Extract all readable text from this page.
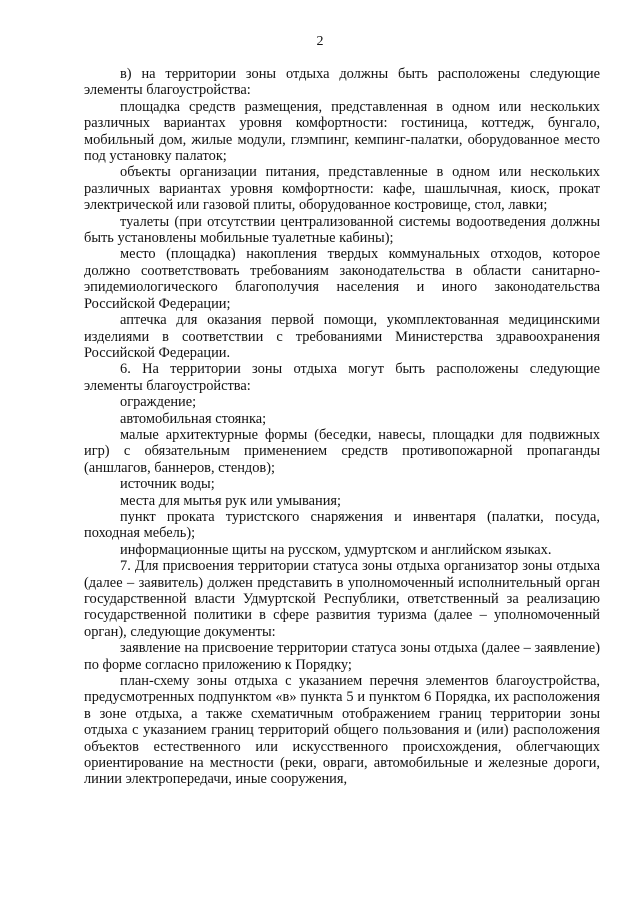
2

в) на территории зоны отдыха должны быть расположены следующие элементы благоустройства:

площадка средств размещения, представленная в одном или нескольких различных вариантах уровня комфортности: гостиница, коттедж, бунгало, мобильный дом, жилые модули, глэмпинг, кемпинг-палатки, оборудованное место под установку палаток;

объекты организации питания, представленные в одном или нескольких различных вариантах уровня комфортности: кафе, шашлычная, киоск, прокат электрической или газовой плиты, оборудованное костровище, стол, лавки;

туалеты (при отсутствии централизованной системы водоотведения должны быть установлены мобильные туалетные кабины);

место (площадка) накопления твердых коммунальных отходов, которое должно соответствовать требованиям законодательства в области санитарно-эпидемиологического благополучия населения и иного законодательства Российской Федерации;

аптечка для оказания первой помощи, укомплектованная медицинскими изделиями в соответствии с требованиями Министерства здравоохранения Российской Федерации.

6. На территории зоны отдыха могут быть расположены следующие элементы благоустройства:

ограждение;

автомобильная стоянка;

малые архитектурные формы (беседки, навесы, площадки для подвижных игр) с обязательным применением средств противопожарной пропаганды (аншлагов, баннеров, стендов);

источник воды;

места для мытья рук или умывания;

пункт проката туристского снаряжения и инвентаря (палатки, посуда, походная мебель);

информационные щиты на русском, удмуртском и английском языках.

7. Для присвоения территории статуса зоны отдыха организатор зоны отдыха (далее – заявитель) должен представить в уполномоченный исполнительный орган государственной власти Удмуртской Республики, ответственный за реализацию государственной политики в сфере развития туризма (далее – уполномоченный орган), следующие документы:

заявление на присвоение территории статуса зоны отдыха (далее – заявление) по форме согласно приложению к Порядку;

план-схему зоны отдыха с указанием перечня элементов благоустройства, предусмотренных подпунктом «в» пункта 5 и пунктом 6 Порядка, их расположения в зоне отдыха, а также схематичным отображением границ территории зоны отдыха с указанием границ территорий общего пользования и (или) расположения объектов естественного или искусственного происхождения, облегчающих ориентирование на местности (реки, овраги, автомобильные и железные дороги, линии электропередачи, иные сооружения,
